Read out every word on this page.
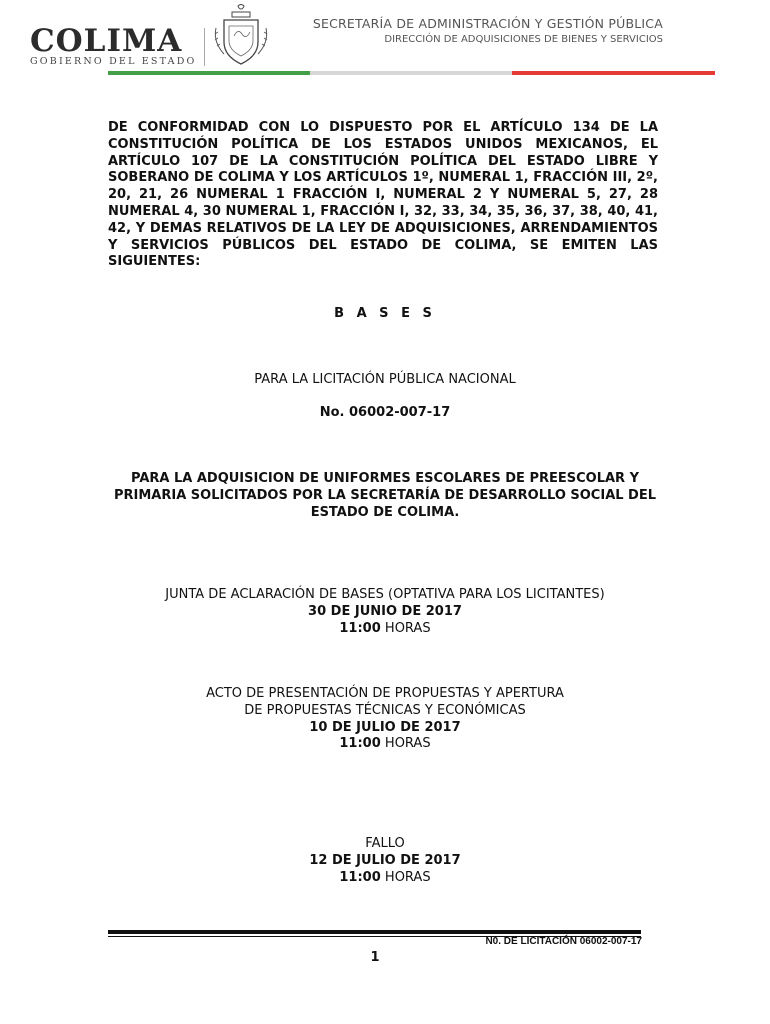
COLIMA
GOBIERNO DEL ESTADO
SECRETARÍA DE ADMINISTRACIÓN Y GESTIÓN PÚBLICA
DIRECCIÓN DE ADQUISICIONES DE BIENES Y SERVICIOS
DE CONFORMIDAD CON LO DISPUESTO POR EL ARTÍCULO 134 DE LA CONSTITUCIÓN POLÍTICA DE LOS ESTADOS UNIDOS MEXICANOS, EL ARTÍCULO 107 DE LA CONSTITUCIÓN POLÍTICA DEL ESTADO LIBRE Y SOBERANO DE COLIMA Y LOS ARTÍCULOS 1º, NUMERAL 1, FRACCIÓN III, 2º, 20, 21, 26 NUMERAL 1 FRACCIÓN I, NUMERAL 2 Y NUMERAL 5, 27, 28 NUMERAL 4, 30 NUMERAL 1, FRACCIÓN I, 32, 33, 34, 35, 36, 37, 38, 40, 41, 42, Y DEMAS RELATIVOS DE LA LEY DE ADQUISICIONES, ARRENDAMIENTOS Y SERVICIOS PÚBLICOS DEL ESTADO DE COLIMA, SE EMITEN LAS SIGUIENTES:
B A S E S
PARA LA LICITACIÓN PÚBLICA NACIONAL
No. 06002-007-17
PARA LA ADQUISICION DE UNIFORMES ESCOLARES DE PREESCOLAR Y PRIMARIA SOLICITADOS POR LA SECRETARÍA DE DESARROLLO SOCIAL DEL ESTADO DE COLIMA.
JUNTA DE ACLARACIÓN DE BASES (OPTATIVA PARA LOS LICITANTES)
30 DE JUNIO DE 2017
11:00 HORAS
ACTO DE PRESENTACIÓN DE PROPUESTAS Y APERTURA
DE PROPUESTAS TÉCNICAS Y ECONÓMICAS
10 DE JULIO DE 2017
11:00 HORAS
FALLO
12 DE JULIO DE 2017
11:00 HORAS
N0. DE LICITACIÓN 06002-007-17
1
